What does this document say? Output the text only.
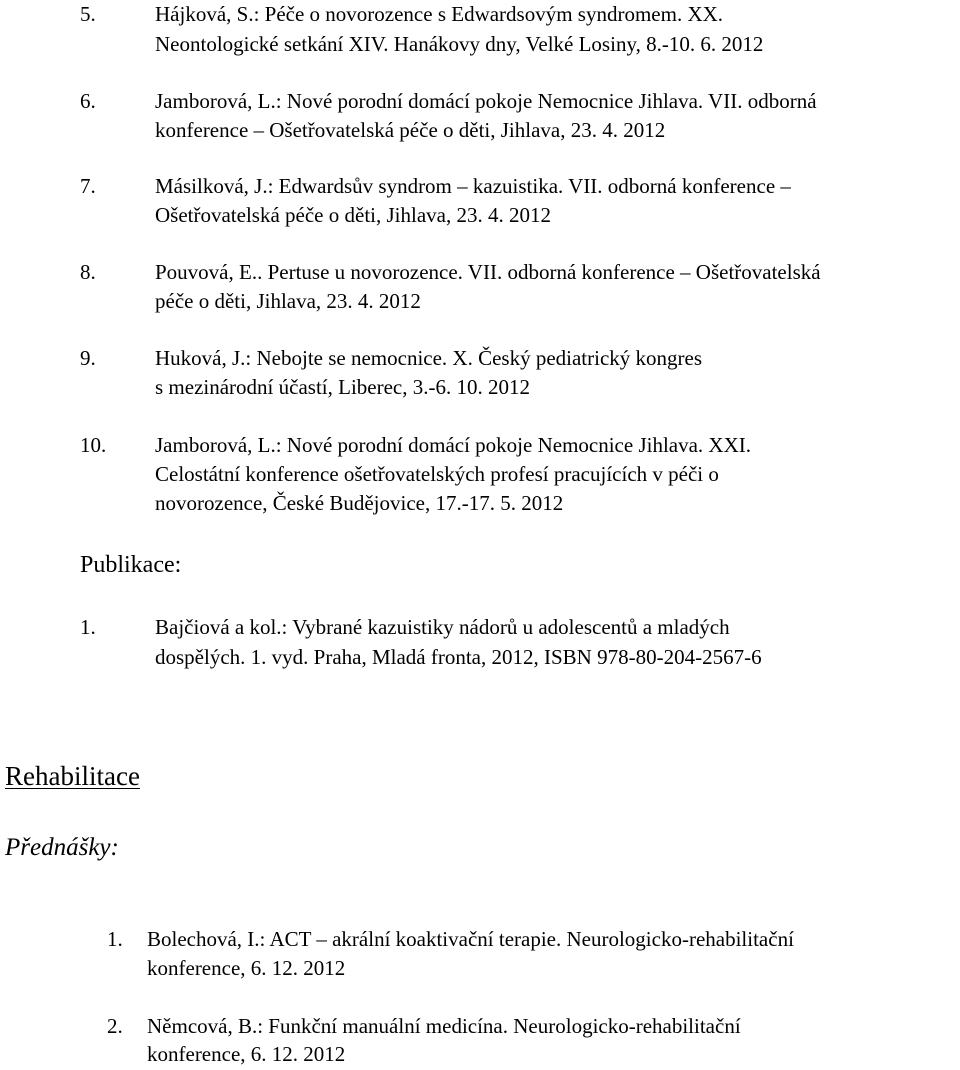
5.	Hájková, S.: Péče o novorozence s Edwardsovým syndromem. XX.
Neontologické setkání XIV. Hanákovy dny, Velké Losiny, 8.-10. 6. 2012
6.	Jamborová, L.: Nové porodní domácí pokoje Nemocnice Jihlava. VII. odborná
konference – Ošetřovatelská péče o děti, Jihlava, 23. 4. 2012
7.	Másilková, J.: Edwardsův syndrom – kazuistika. VII. odborná konference –
Ošetřovatelská péče o děti, Jihlava, 23. 4. 2012
8.	Pouvová, E.. Pertuse u novorozence. VII. odborná konference – Ošetřovatelská
péče o děti, Jihlava, 23. 4. 2012
9.	Huková, J.: Nebojte se nemocnice. X. Český pediatrický kongres
s mezinárodní účastí, Liberec, 3.-6. 10. 2012
10. Jamborová, L.: Nové porodní domácí pokoje Nemocnice Jihlava. XXI.
Celostátní konference ošetřovatelských profesí pracujících v péči o
novorozence, České Budějovice, 17.-17. 5. 2012
Publikace:
1.	Bajčiová a kol.: Vybrané kazuistiky nádorů u adolescentů a mladých
dospělých. 1. vyd. Praha, Mladá fronta, 2012, ISBN 978-80-204-2567-6
Rehabilitace
Přednášky:
1. Bolechová, I.: ACT – akrální koaktivační terapie. Neurologicko-rehabilitační
konference, 6. 12. 2012
2. Němcová, B.: Funkční manuální medicína. Neurologicko-rehabilitační
konference, 6. 12. 2012
